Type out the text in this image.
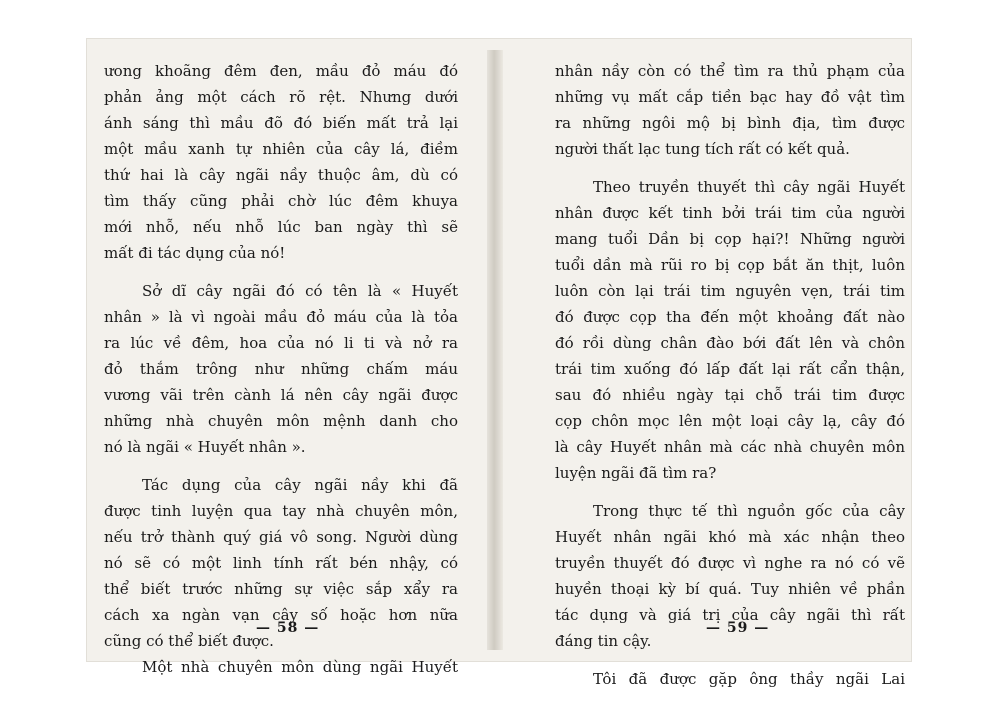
ưong khoãng đêm đen, mầu đỏ máu đó
phản ảng một cách rõ rệt. Nhưng dưới
ánh sáng thì mầu đõ đó biến mất trả lại
một mầu xanh tự nhiên của cây lá, điềm
thứ hai là cây ngãi nầy thuộc âm, dù có
tìm thấy cũng phải chờ lúc đêm khuya
mới nhỗ, nếu nhỗ lúc ban ngày thì sẽ
mất đi tác dụng của nó!
Sở dĩ cây ngãi đó có tên là « Huyết
nhân » là vì ngoài mầu đỏ máu của là tỏa
ra lúc về đêm, hoa của nó li ti và nở ra
đỏ thắm trông như những chấm máu
vương vãi trên cành lá nên cây ngãi được
những nhà chuyên môn mệnh danh cho
nó là ngãi « Huyết nhân ».
Tác dụng của cây ngãi nầy khi đã
được tinh luyện qua tay nhà chuyên môn,
nếu trở thành quý giá vô song. Người dùng
nó sẽ có một linh tính rất bén nhậy, có
thể biết trước những sự việc sắp xẩy ra
cách xa ngàn vạn cây số hoặc hơn nữa
cũng có thể biết được.
Một nhà chuyên môn dùng ngãi Huyết
nhân nầy còn có thể tìm ra thủ phạm của
những vụ mất cắp tiền bạc hay đồ vật tìm
ra những ngôi mộ bị bình địa, tìm được
người thất lạc tung tích rất có kết quả.
Theo truyền thuyết thì cây ngãi Huyết
nhân được kết tinh bởi trái tim của người
mang tuổi Dần bị cọp hại?! Những người
tuổi dần mà rũi ro bị cọp bắt ăn thịt, luôn
luôn còn lại trái tim nguyên vẹn, trái tim
đó được cọp tha đến một khoảng đất nào
đó rồi dùng chân đào bới đất lên và chôn
trái tim xuống đó lấp đất lại rất cẩn thận,
sau đó nhiều ngày tại chỗ trái tim được
cọp chôn mọc lên một loại cây lạ, cây đó
là cây Huyết nhân mà các nhà chuyên môn
luyện ngãi đã tìm ra?
Trong thực tế thì nguồn gốc của cây
Huyết nhân ngãi khó mà xác nhận theo
truyền thuyết đó được vì nghe ra nó có vẽ
huyền thoại kỳ bí quá. Tuy nhiên về phần
tác dụng và giá trị của cây ngãi thì rất
đáng tin cậy.
Tôi đã được gặp ông thầy ngãi Lai
— 58 —	— 59 —
